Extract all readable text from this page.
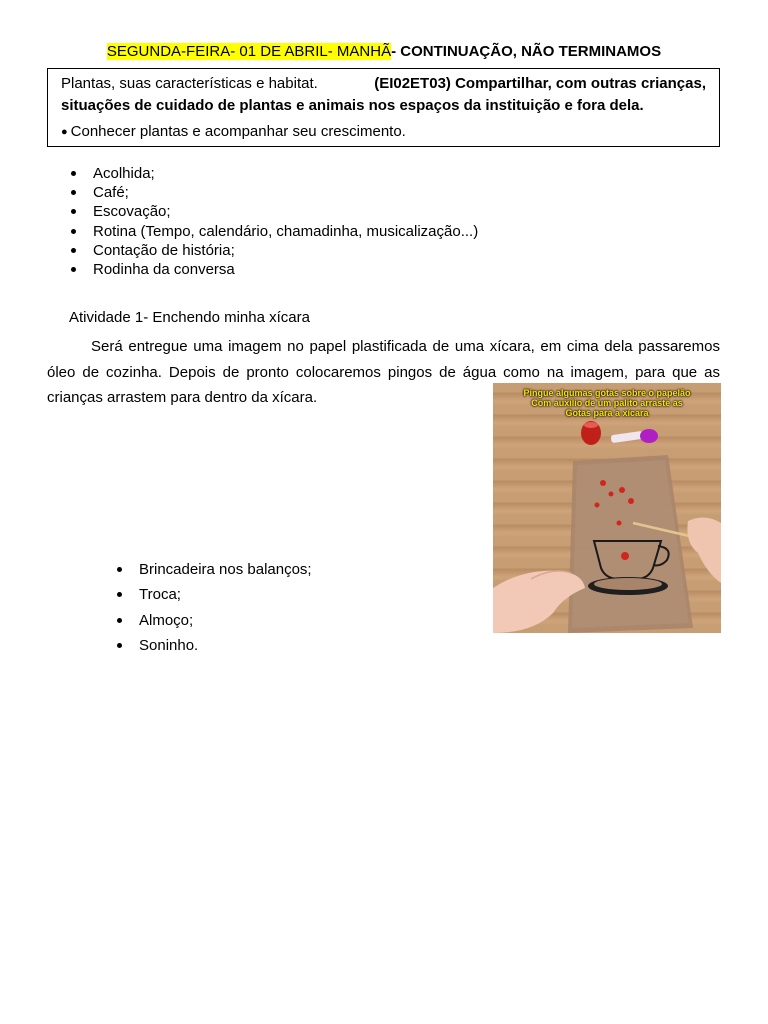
SEGUNDA-FEIRA- 01 DE ABRIL- MANHÃ- CONTINUAÇÃO, NÃO TERMINAMOS
Plantas, suas características e habitat.	(EI02ET03) Compartilhar, com outras crianças,
situações de cuidado de plantas e animais nos espaços da instituição e fora dela.
● Conhecer plantas e acompanhar seu crescimento.
Acolhida;
Café;
Escovação;
Rotina (Tempo, calendário, chamadinha, musicalização...)
Contação de história;
Rodinha da conversa
Atividade 1- Enchendo minha xícara
Será entregue uma imagem no papel plastificada de uma xícara, em cima dela passaremos óleo de cozinha. Depois de pronto colocaremos pingos de água como na imagem, para que as crianças arrastem para dentro da xícara.	Pingue algumas gotas sobre o papelão
Com auxílio de um palito arraste as
Gotas para a xícara
Brincadeira nos balanços;
Troca;
Almoço;
Soninho.
